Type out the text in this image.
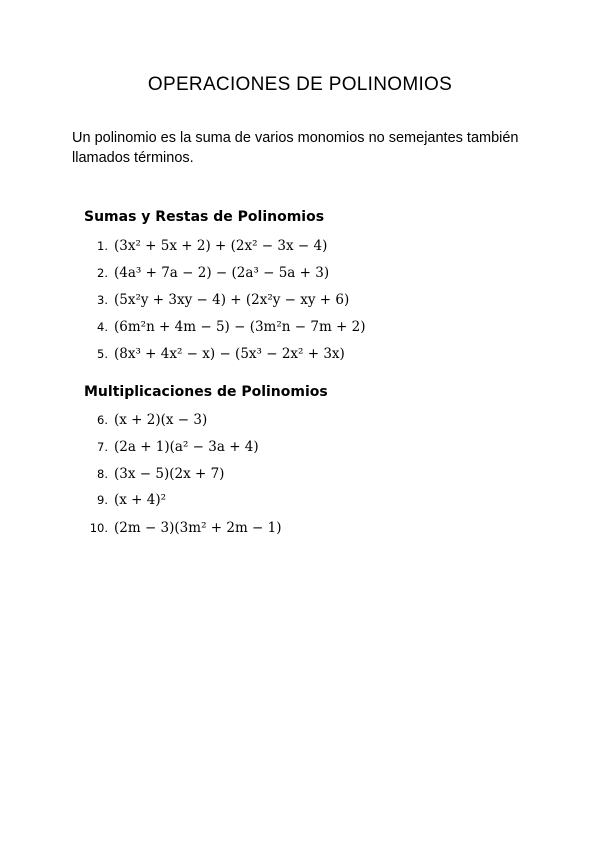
OPERACIONES DE POLINOMIOS
Un polinomio es la suma de varios monomios no semejantes también llamados términos.
Sumas y Restas de Polinomios
1. (3x² + 5x + 2) + (2x² − 3x − 4)
2. (4a³ + 7a − 2) − (2a³ − 5a + 3)
3. (5x²y + 3xy − 4) + (2x²y − xy + 6)
4. (6m²n + 4m − 5) − (3m²n − 7m + 2)
5. (8x³ + 4x² − x) − (5x³ − 2x² + 3x)
Multiplicaciones de Polinomios
6. (x + 2)(x − 3)
7. (2a + 1)(a² − 3a + 4)
8. (3x − 5)(2x + 7)
9. (x + 4)²
10. (2m − 3)(3m² + 2m − 1)
